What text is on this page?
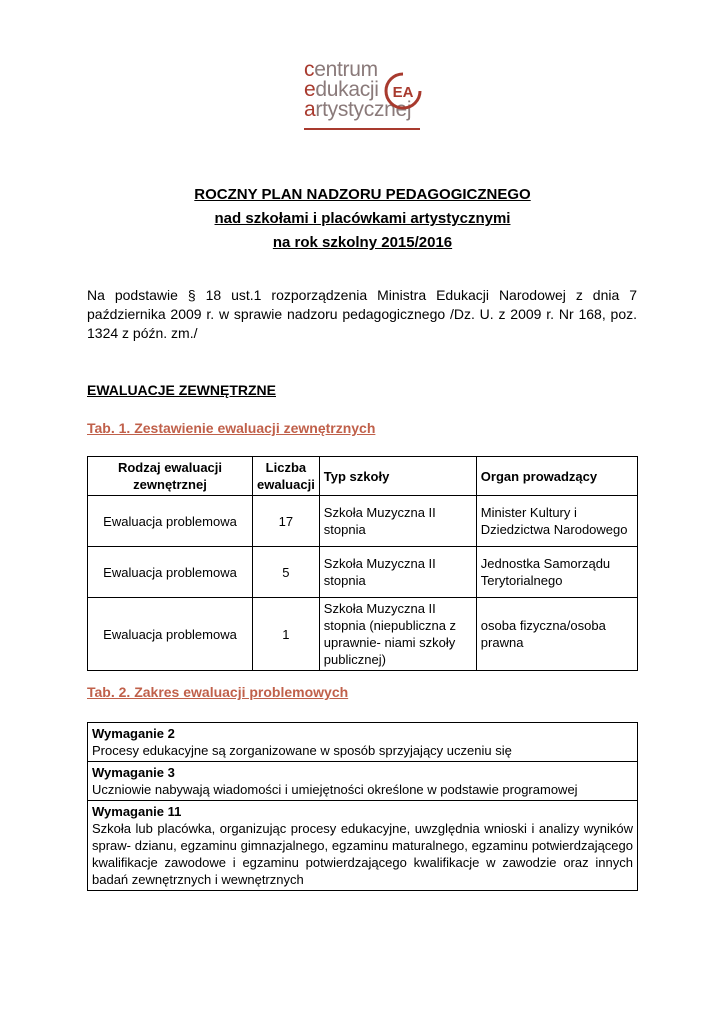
centrum
edukacji
artystycznej
EA
ROCZNY PLAN NADZORU PEDAGOGICZNEGO
nad szkołami i placówkami artystycznymi
na rok szkolny 2015/2016
Na podstawie § 18 ust.1 rozporządzenia Ministra Edukacji Narodowej z dnia 7 października 2009 r. w sprawie nadzoru pedagogicznego /Dz. U. z 2009 r. Nr 168, poz. 1324 z późn. zm./
EWALUACJE ZEWNĘTRZNE
Tab. 1. Zestawienie ewaluacji zewnętrznych
Rodzaj ewaluacji zewnętrznej	Liczba ewaluacji	Typ szkoły	Organ prowadzący
Ewaluacja problemowa	17	Szkoła Muzyczna II stopnia	Minister Kultury i Dziedzictwa Narodowego
Ewaluacja problemowa	5	Szkoła Muzyczna II stopnia	Jednostka Samorządu Terytorialnego
Ewaluacja problemowa	1	Szkoła Muzyczna II stopnia (niepubliczna z uprawnie- niami szkoły publicznej)	osoba fizyczna/osoba prawna
Tab. 2. Zakres ewaluacji problemowych
Wymaganie 2
Procesy edukacyjne są zorganizowane w sposób sprzyjający uczeniu się

Wymaganie 3
Uczniowie nabywają wiadomości i umiejętności określone w podstawie programowej

Wymaganie 11
Szkoła lub placówka, organizując procesy edukacyjne, uwzględnia wnioski i analizy wyników spraw- dzianu, egzaminu gimnazjalnego, egzaminu maturalnego, egzaminu potwierdzającego kwalifikacje zawodowe i egzaminu potwierdzającego kwalifikacje w zawodzie oraz innych badań zewnętrznych i wewnętrznych
